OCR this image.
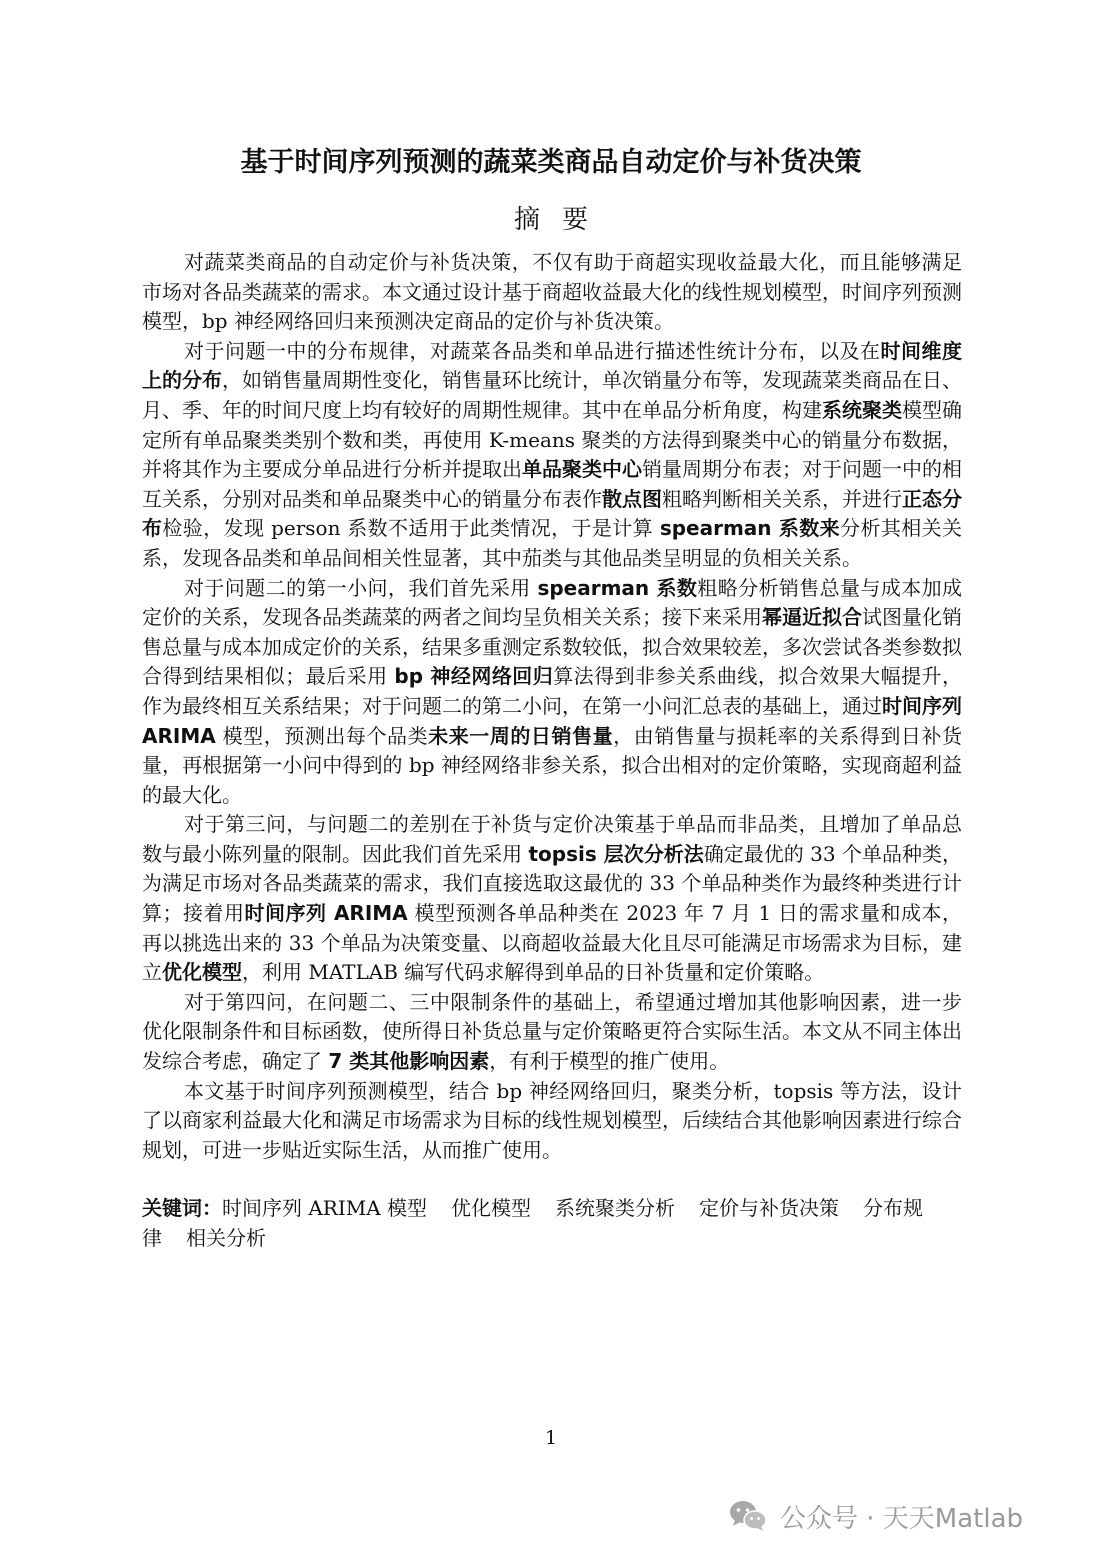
基于时间序列预测的蔬菜类商品自动定价与补货决策
摘要

对蔬菜类商品的自动定价与补货决策，不仅有助于商超实现收益最大化，而且能够满足市场对各品类蔬菜的需求。本文通过设计基于商超收益最大化的线性规划模型，时间序列预测模型，bp 神经网络回归来预测决定商品的定价与补货决策。

对于问题一中的分布规律，对蔬菜各品类和单品进行描述性统计分布，以及在时间维度上的分布，如销售量周期性变化，销售量环比统计，单次销量分布等，发现蔬菜类商品在日、月、季、年的时间尺度上均有较好的周期性规律。其中在单品分析角度，构建系统聚类模型确定所有单品聚类类别个数和类，再使用 K-means 聚类的方法得到聚类中心的销量分布数据，并将其作为主要成分单品进行分析并提取出单品聚类中心销量周期分布表；对于问题一中的相互关系，分别对品类和单品聚类中心的销量分布表作散点图粗略判断相关关系，并进行正态分布检验，发现 person 系数不适用于此类情况，于是计算 spearman 系数来分析其相关关系，发现各品类和单品间相关性显著，其中茄类与其他品类呈明显的负相关关系。

对于问题二的第一小问，我们首先采用 spearman 系数粗略分析销售总量与成本加成定价的关系，发现各品类蔬菜的两者之间均呈负相关关系；接下来采用幂逼近拟合试图量化销售总量与成本加成定价的关系，结果多重测定系数较低，拟合效果较差，多次尝试各类参数拟合得到结果相似；最后采用 bp 神经网络回归算法得到非参关系曲线，拟合效果大幅提升，作为最终相互关系结果；对于问题二的第二小问，在第一小问汇总表的基础上，通过时间序列 ARIMA 模型，预测出每个品类未来一周的日销售量，由销售量与损耗率的关系得到日补货量，再根据第一小问中得到的 bp 神经网络非参关系，拟合出相对的定价策略，实现商超利益的最大化。

对于第三问，与问题二的差别在于补货与定价决策基于单品而非品类，且增加了单品总数与最小陈列量的限制。因此我们首先采用 topsis 层次分析法确定最优的 33 个单品种类，为满足市场对各品类蔬菜的需求，我们直接选取这最优的 33 个单品种类作为最终种类进行计算；接着用时间序列 ARIMA 模型预测各单品种类在 2023 年 7 月 1 日的需求量和成本，再以挑选出来的 33 个单品为决策变量、以商超收益最大化且尽可能满足市场需求为目标，建立优化模型，利用 MATLAB 编写代码求解得到单品的日补货量和定价策略。

对于第四问，在问题二、三中限制条件的基础上，希望通过增加其他影响因素，进一步优化限制条件和目标函数，使所得日补货总量与定价策略更符合实际生活。本文从不同主体出发综合考虑，确定了 7 类其他影响因素，有利于模型的推广使用。

本文基于时间序列预测模型，结合 bp 神经网络回归，聚类分析，topsis 等方法，设计了以商家利益最大化和满足市场需求为目标的线性规划模型，后续结合其他影响因素进行综合规划，可进一步贴近实际生活，从而推广使用。

关键词：时间序列 ARIMA 模型 优化模型 系统聚类分析 定价与补货决策 分布规律 相关分析

1
公众号 · 天天Matlab
